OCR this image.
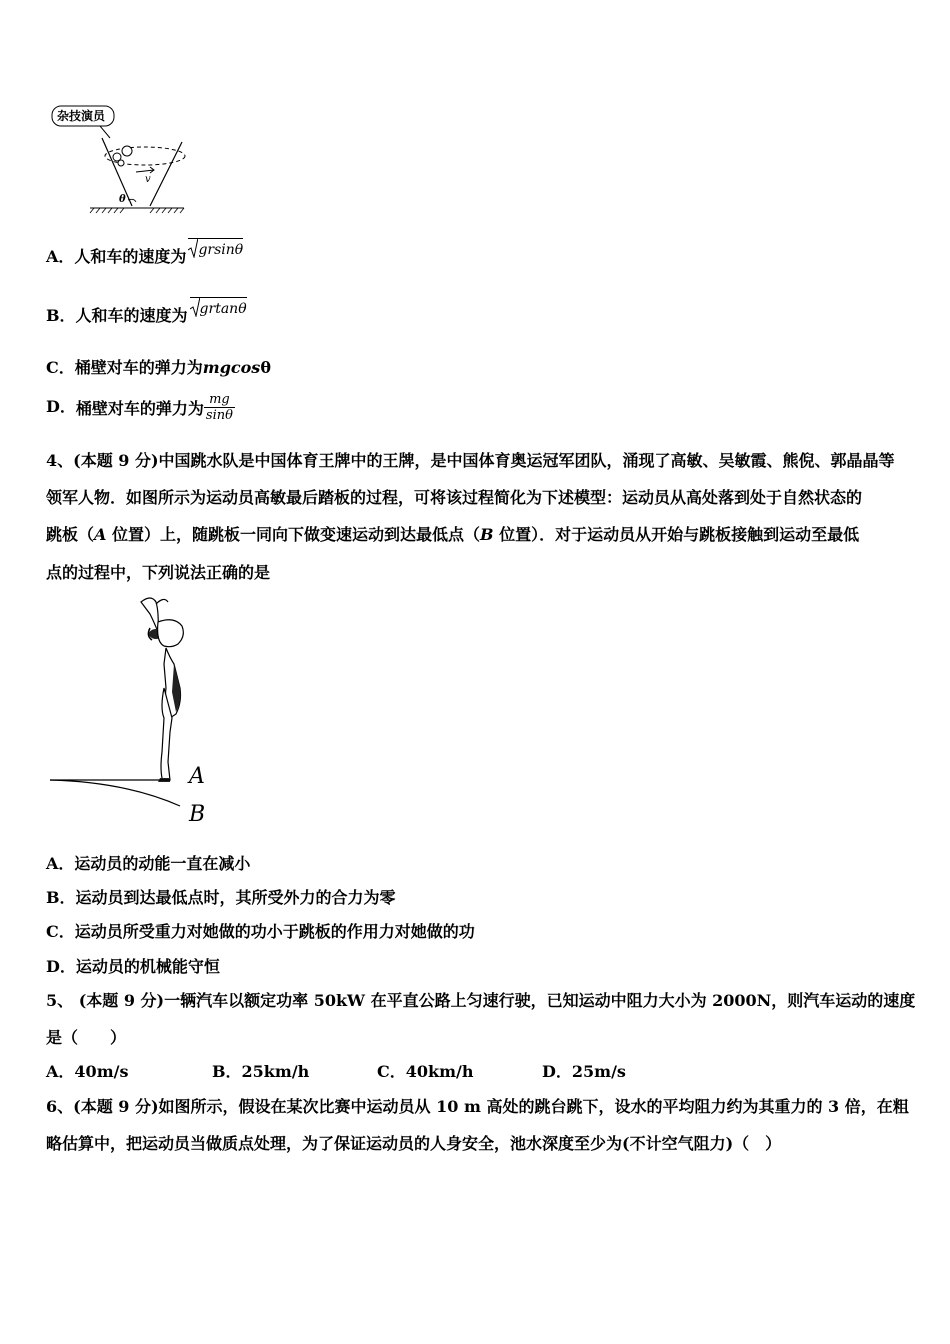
杂技演员
v
θ
A．人和车的速度为 grsinθ
B．人和车的速度为 grtanθ
C．桶壁对车的弹力为mgcosθ
D．桶壁对车的弹力为 $\frac{mg}{\sin\theta}$
4、(本题 9 分)中国跳水队是中国体育王牌中的王牌，是中国体育奥运冠军团队，涌现了高敏、吴敏霞、熊倪、郭晶晶等
领军人物．如图所示为运动员高敏最后踏板的过程，可将该过程简化为下述模型：运动员从高处落到处于自然状态的
跳板（A 位置）上，随跳板一同向下做变速运动到达最低点（B 位置）．对于运动员从开始与跳板接触到运动至最低
点的过程中，下列说法正确的是
A
B
A．运动员的动能一直在减小
B．运动员到达最低点时，其所受外力的合力为零
C．运动员所受重力对她做的功小于跳板的作用力对她做的功
D．运动员的机械能守恒
5、 (本题 9 分)一辆汽车以额定功率 50kW 在平直公路上匀速行驶，已知运动中阻力大小为 2000N，则汽车运动的速度
是（　　）
A．40m/s	B．25km/h	C．40km/h	D．25m/s
6、(本题 9 分)如图所示，假设在某次比赛中运动员从 10 m 高处的跳台跳下，设水的平均阻力约为其重力的 3 倍，在粗
略估算中，把运动员当做质点处理，为了保证运动员的人身安全，池水深度至少为(不计空气阻力)（　）
